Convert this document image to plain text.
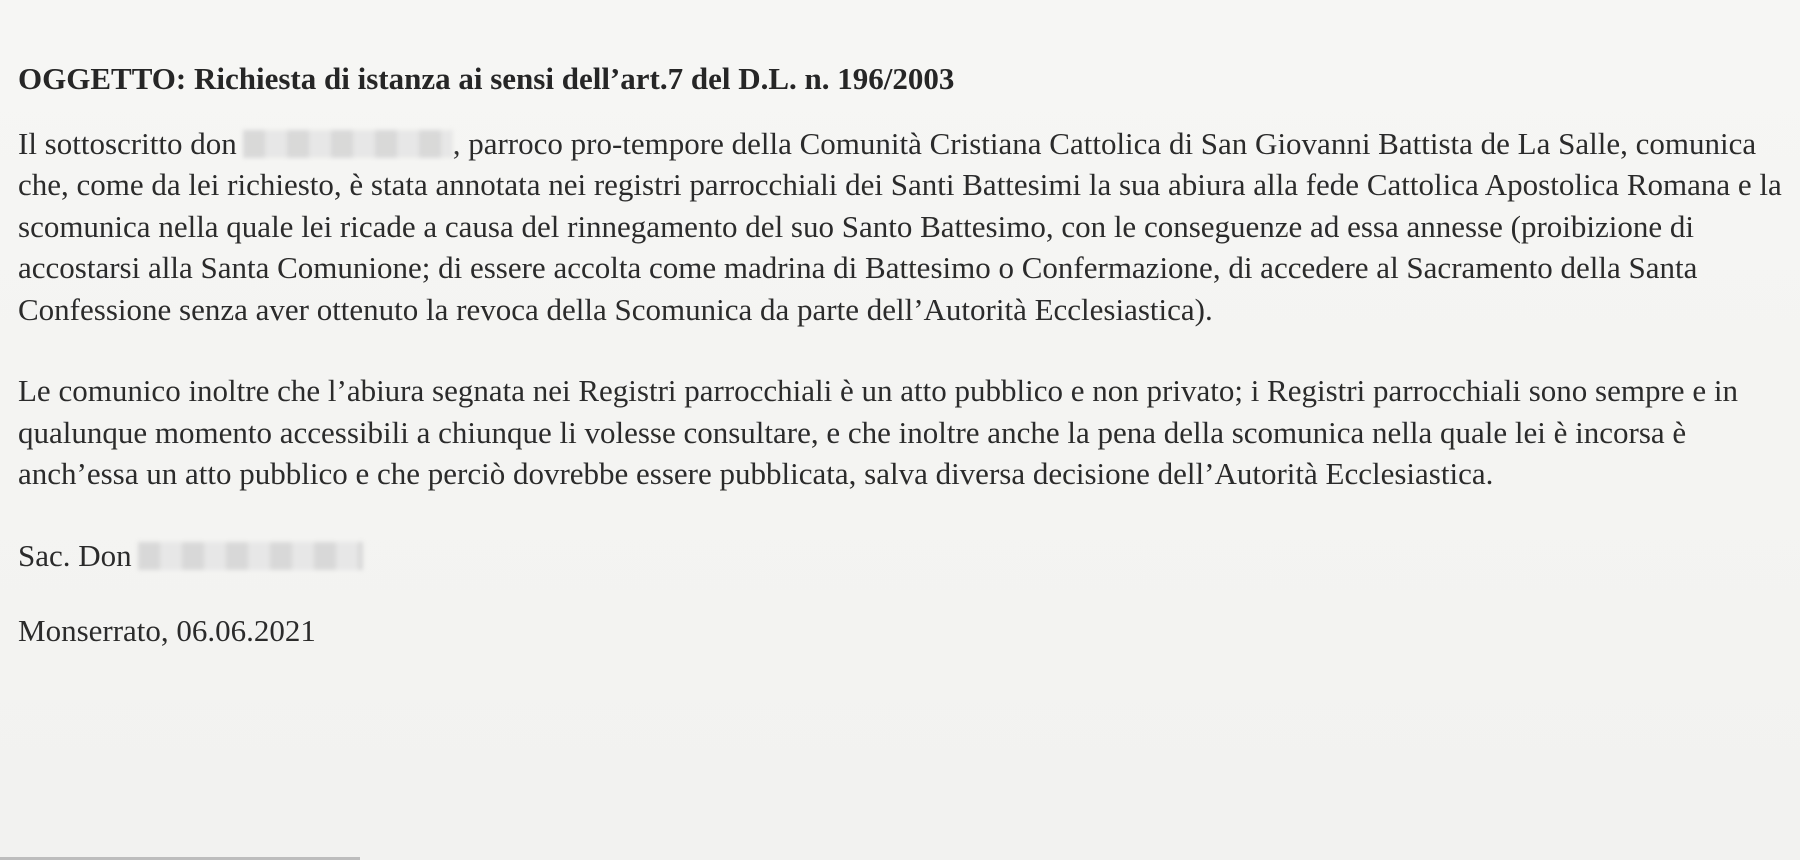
OGGETTO: Richiesta di istanza ai sensi dell’art.7 del D.L. n. 196/2003

Il sottoscritto don	, parroco pro-tempore della Comunità Cristiana Cattolica di San Giovanni Battista de La Salle, comunica che, come da lei richiesto, è stata annotata nei registri parrocchiali dei Santi Battesimi la sua abiura alla fede Cattolica Apostolica Romana e la scomunica nella quale lei ricade a causa del rinnegamento del suo Santo Battesimo, con le conseguenze ad essa annesse (proibizione di accostarsi alla Santa Comunione; di essere accolta come madrina di Battesimo o Confermazione, di accedere al Sacramento della Santa Confessione senza aver ottenuto la revoca della Scomunica da parte dell’Autorità Ecclesiastica).

Le comunico inoltre che l’abiura segnata nei Registri parrocchiali è un atto pubblico e non privato; i Registri parrocchiali sono sempre e in qualunque momento accessibili a chiunque li volesse consultare, e che inoltre anche la pena della scomunica nella quale lei è incorsa è anch’essa un atto pubblico e che perciò dovrebbe essere pubblicata, salva diversa decisione dell’Autorità Ecclesiastica.

Sac. Don

Monserrato, 06.06.2021
